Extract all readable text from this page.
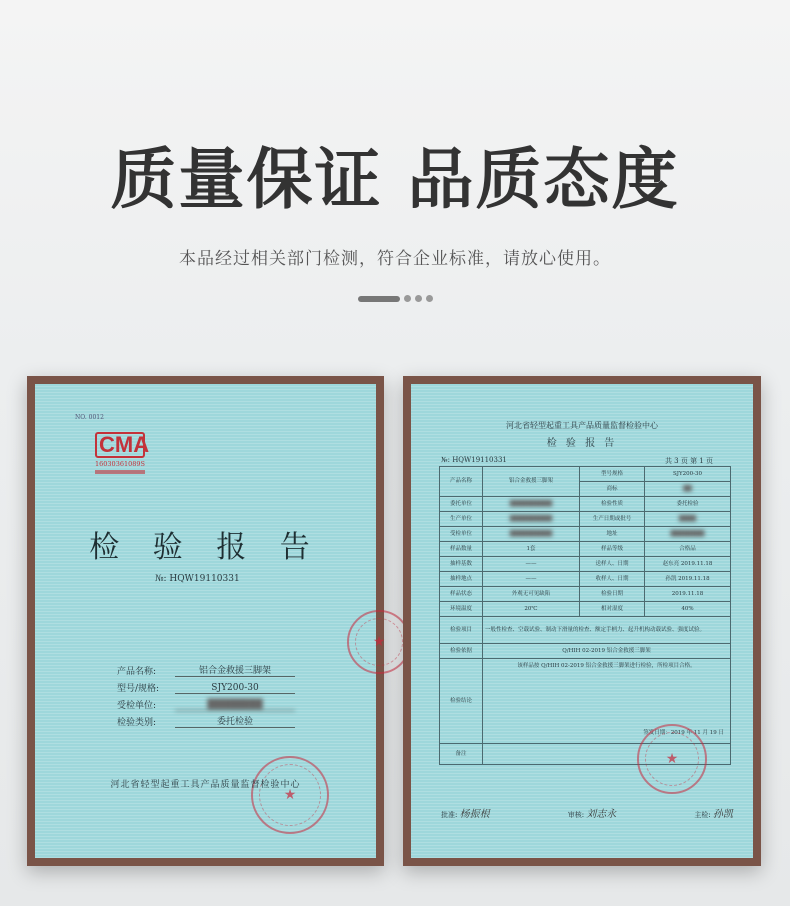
质量保证 品质态度
本品经过相关部门检测，符合企业标准，请放心使用。
NO. 0012
CMA
16030361089S
检 验 报 告
№: HQW19110331
产品名称:	铝合金救援三脚架
型号/规格:	SJY200-30
受检单位:	████████
检验类别:	委托检验
★
★
河北省轻型起重工具产品质量监督检验中心
河北省轻型起重工具产品质量监督检验中心
检 验 报 告
№: HQW19110331	共 3 页 第 1 页
产品名称	铝合金救援三脚架	型号规格	SJY200-30
		商标	██
委托单位	██████████	检验性质	委托检验
生产单位	██████████	生产日期或批号	████
受检单位	██████████	地址	████████
样品数量	1套	样品等级	合格品
抽样基数	——	送样人、日期	赵东亮 2019.11.18
抽样地点	——	收样人、日期	孙凯 2019.11.18
样品状态	外观无可见缺陷	检验日期	2019.11.18
环境温度	20℃	相对湿度	40%
检验项目	一般性检查、空载试验、制动下滑量的检查、额定手柄力、起升机构动载试验、强度试验。		
检验依据	Q/HIH 02-2019 铝合金救援三脚架		
检验结论	该样品按 Q/HIH 02-2019 铝合金救援三脚架进行检验，所检项目合格。
签发日期：2019 年 11 月 19 日		

备注				★
批准: 杨振根	审核: 刘志永	主检: 孙凯
